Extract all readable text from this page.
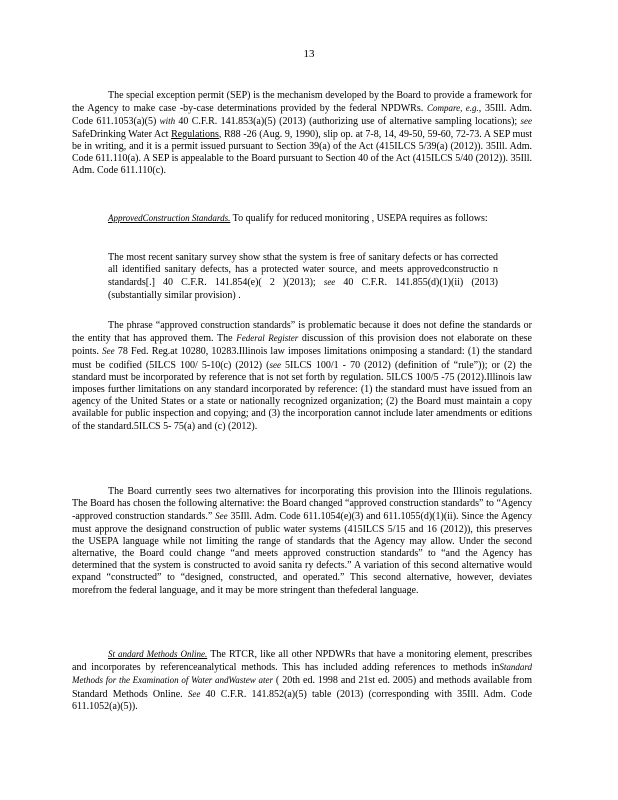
13
The special exception permit (SEP) is the mechanism developed by the Board to provide a framework for the Agency to make case -by-case determinations provided by the federal NPDWRs. Compare, e.g., 35Ill. Adm. Code 611.1053(a)(5) with 40 C.F.R. 141.853(a)(5) (2013) (authorizing use of alternative sampling locations); see SafeDrinking Water Act Regulations, R88 -26 (Aug. 9, 1990), slip op. at 7-8, 14, 49-50, 59-60, 72-73. A SEP must be in writing, and it is a permit issued pursuant to Section 39(a) of the Act (415ILCS 5/39(a) (2012)). 35Ill. Adm. Code 611.110(a). A SEP is appealable to the Board pursuant to Section 40 of the Act (415ILCS 5/40 (2012)). 35Ill. Adm. Code 611.110(c).
ApprovedConstruction Standards. To qualify for reduced monitoring , USEPA requires as follows:
The most recent sanitary survey show sthat the system is free of sanitary defects or has corrected all identified sanitary defects, has a protected water source, and meets approvedconstructio n standards[.] 40 C.F.R. 141.854(e)( 2 )(2013); see 40 C.F.R. 141.855(d)(1)(ii) (2013) (substantially similar provision) .
The phrase “approved construction standards” is problematic because it does not define the standards or the entity that has approved them. The Federal Register discussion of this provision does not elaborate on these points. See 78 Fed. Reg.at 10280, 10283.Illinois law imposes limitations onimposing a standard: (1) the standard must be codified (5ILCS 100/ 5-10(c) (2012) (see 5ILCS 100/1 - 70 (2012) (definition of “rule”)); or (2) the standard must be incorporated by reference that is not set forth by regulation. 5ILCS 100/5 -75 (2012).Illinois law imposes further limitations on any standard incorporated by reference: (1) the standard must have issued from an agency of the United States or a state or nationally recognized organization; (2) the Board must maintain a copy available for public inspection and copying; and (3) the incorporation cannot include later amendments or editions of the standard.5ILCS 5- 75(a) and (c) (2012).
The Board currently sees two alternatives for incorporating this provision into the Illinois regulations. The Board has chosen the following alternative: the Board changed “approved construction standards” to “Agency -approved construction standards.” See 35Ill. Adm. Code 611.1054(e)(3) and 611.1055(d)(1)(ii). Since the Agency must approve the designand construction of public water systems (415ILCS 5/15 and 16 (2012)), this preserves the USEPA language while not limiting the range of standards that the Agency may allow. Under the second alternative, the Board could change “and meets approved construction standards” to “and the Agency has determined that the system is constructed to avoid sanita ry defects.” A variation of this second alternative would expand “constructed” to “designed, constructed, and operated.” This second alternative, however, deviates morefrom the federal language, and it may be more stringent than thefederal language.
St andard Methods Online. The RTCR, like all other NPDWRs that have a monitoring element, prescribes and incorporates by referenceanalytical methods. This has included adding references to methods inStandard Methods for the Examination of Water andWastew ater ( 20th ed. 1998 and 21st ed. 2005) and methods available from Standard Methods Online. See 40 C.F.R. 141.852(a)(5) table (2013) (corresponding with 35Ill. Adm. Code 611.1052(a)(5)).
